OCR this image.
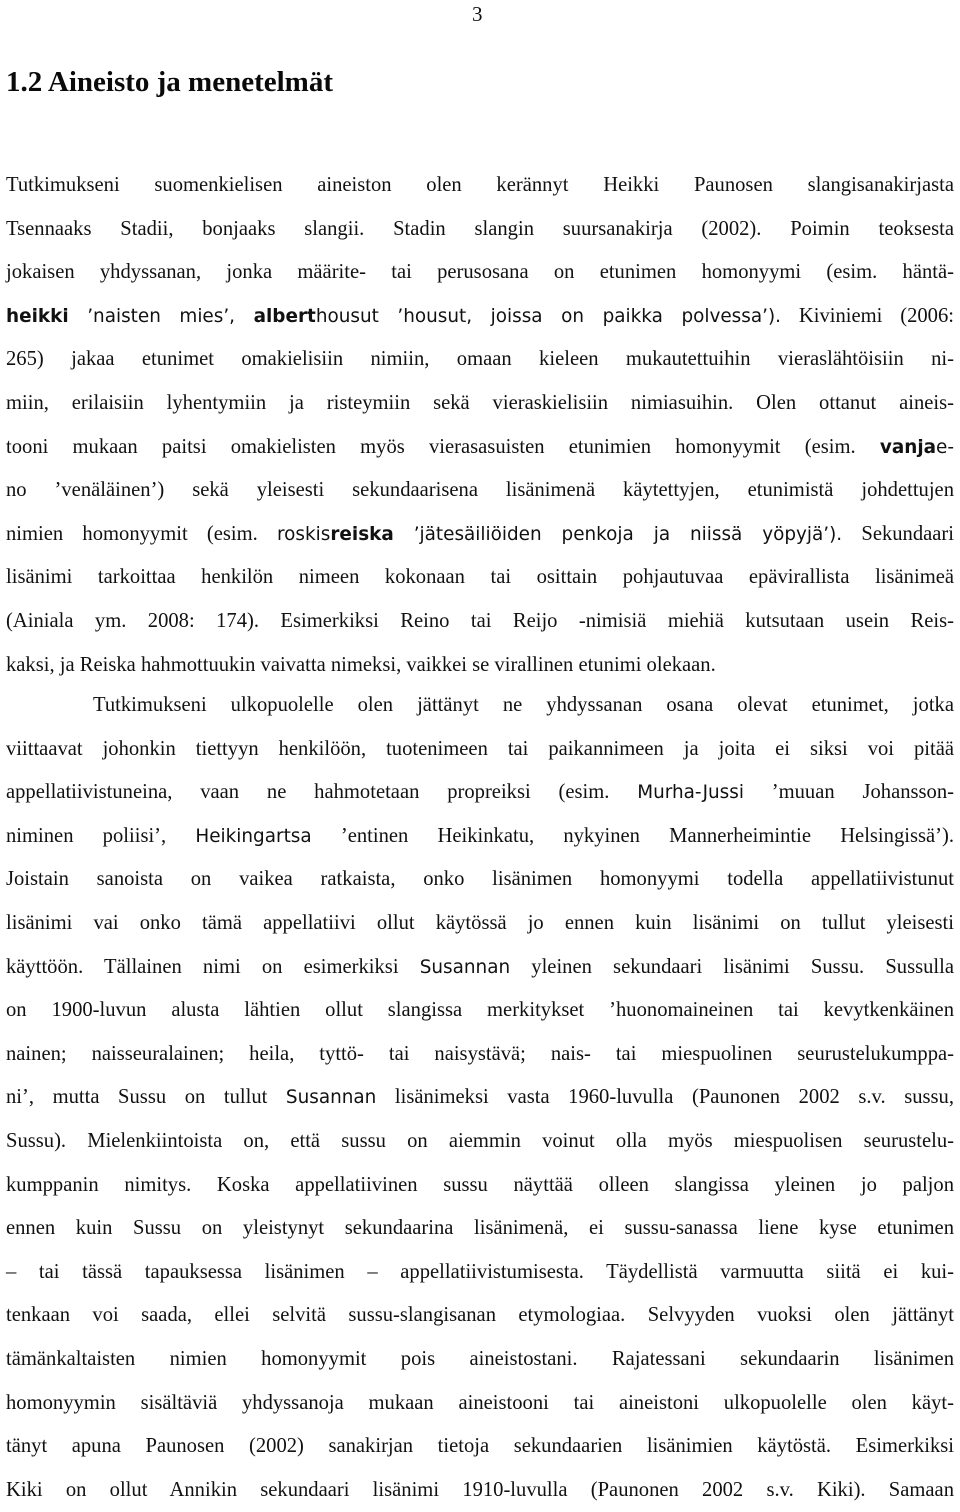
3
1.2 Aineisto ja menetelmät
Tutkimukseni suomenkielisen aineiston olen kerännyt Heikki Paunosen slangisanakirjasta
Tsennaaks Stadii, bonjaaks slangii. Stadin slangin suursanakirja (2002). Poimin teoksesta
jokaisen yhdyssanan, jonka määrite- tai perusosana on etunimen homonyymi (esim. häntä-
heikki ’naisten mies’, alberthousut ’housut, joissa on paikka polvessa’). Kiviniemi (2006:
265) jakaa etunimet omakielisiin nimiin, omaan kieleen mukautettuihin vieraslähtöisiin ni-
miin, erilaisiin lyhentymiin ja risteymiin sekä vieraskielisiin nimiasuihin. Olen ottanut aineis-
tooni mukaan paitsi omakielisten myös vierasasuisten etunimien homonyymit (esim. vanjae-
no ’venäläinen’) sekä yleisesti sekundaarisena lisänimenä käytettyjen, etunimistä johdettujen
nimien homonyymit (esim. roskisreiska ’jätesäiliöiden penkoja ja niissä yöpyjä’). Sekundaari
lisänimi tarkoittaa henkilön nimeen kokonaan tai osittain pohjautuvaa epävirallista lisänimeä
(Ainiala ym. 2008: 174). Esimerkiksi Reino tai Reijo -nimisiä miehiä kutsutaan usein Reis-
kaksi, ja Reiska hahmottuukin vaivatta nimeksi, vaikkei se virallinen etunimi olekaan.
Tutkimukseni ulkopuolelle olen jättänyt ne yhdyssanan osana olevat etunimet, jotka
viittaavat johonkin tiettyyn henkilöön, tuotenimeen tai paikannimeen ja joita ei siksi voi pitää
appellatiivistuneina, vaan ne hahmotetaan propreiksi (esim. Murha-Jussi ’muuan Johansson-
niminen poliisi’, Heikingartsa ’entinen Heikinkatu, nykyinen Mannerheimintie Helsingissä’).
Joistain sanoista on vaikea ratkaista, onko lisänimen homonyymi todella appellatiivistunut
lisänimi vai onko tämä appellatiivi ollut käytössä jo ennen kuin lisänimi on tullut yleisesti
käyttöön. Tällainen nimi on esimerkiksi Susannan yleinen sekundaari lisänimi Sussu. Sussulla
on 1900-luvun alusta lähtien ollut slangissa merkitykset ’huonomaineinen tai kevytkenkäinen
nainen; naisseuralainen; heila, tyttö- tai naisystävä; nais- tai miespuolinen seurustelukumppa-
ni’, mutta Sussu on tullut Susannan lisänimeksi vasta 1960-luvulla (Paunonen 2002 s.v. sussu,
Sussu). Mielenkiintoista on, että sussu on aiemmin voinut olla myös miespuolisen seurustelu-
kumppanin nimitys. Koska appellatiivinen sussu näyttää olleen slangissa yleinen jo paljon
ennen kuin Sussu on yleistynyt sekundaarina lisänimenä, ei sussu-sanassa liene kyse etunimen
– tai tässä tapauksessa lisänimen – appellatiivistumisesta. Täydellistä varmuutta siitä ei kui-
tenkaan voi saada, ellei selvitä sussu-slangisanan etymologiaa. Selvyyden vuoksi olen jättänyt
tämänkaltaisten nimien homonyymit pois aineistostani. Rajatessani sekundaarin lisänimen
homonyymin sisältäviä yhdyssanoja mukaan aineistooni tai aineistoni ulkopuolelle olen käyt-
tänyt apuna Paunosen (2002) sanakirjan tietoja sekundaarien lisänimien käytöstä. Esimerkiksi
Kiki on ollut Annikin sekundaari lisänimi 1910-luvulla (Paunonen 2002 s.v. Kiki). Samaan
